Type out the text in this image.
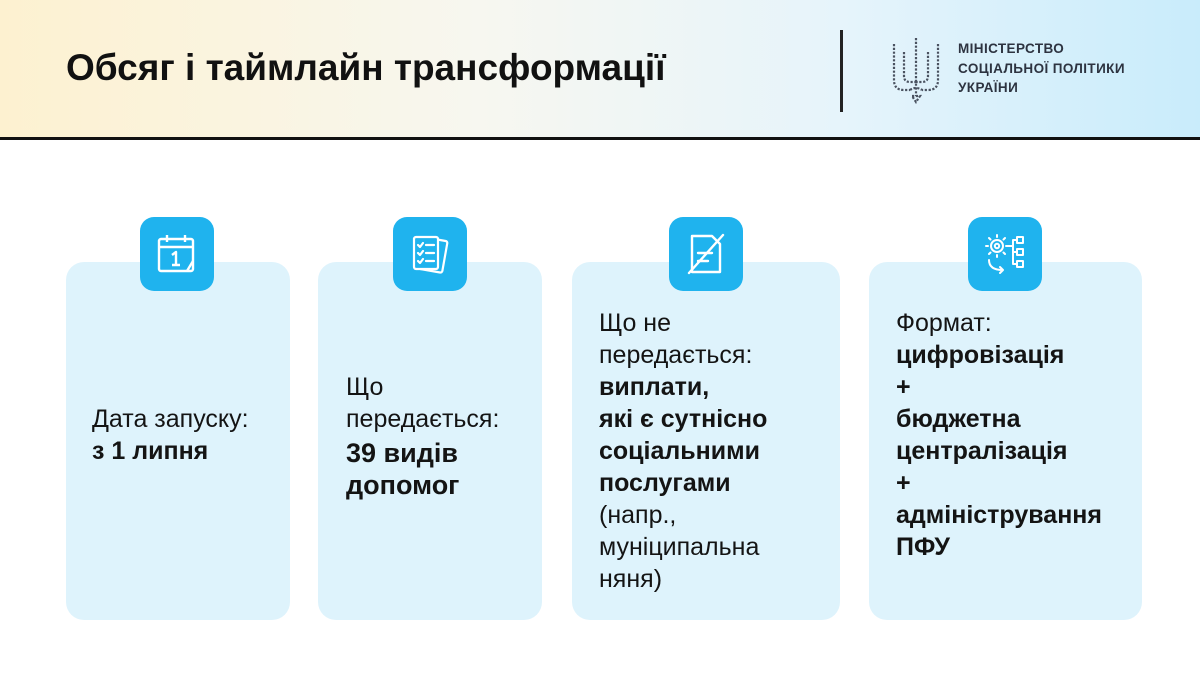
Обсяг і таймлайн трансформації	МІНІСТЕРСТВО
СОЦІАЛЬНОЇ ПОЛІТИКИ
УКРАЇНИ
Дата запуску:
з 1 липня
Що
передається:
39 видів
допомог
Що не
передається:
виплати,
які є сутнісно
соціальними
послугами
(напр.,
муніципальна
няня)
Формат:
цифровізація
+
бюджетна
централізація
+
адміністрування
ПФУ
